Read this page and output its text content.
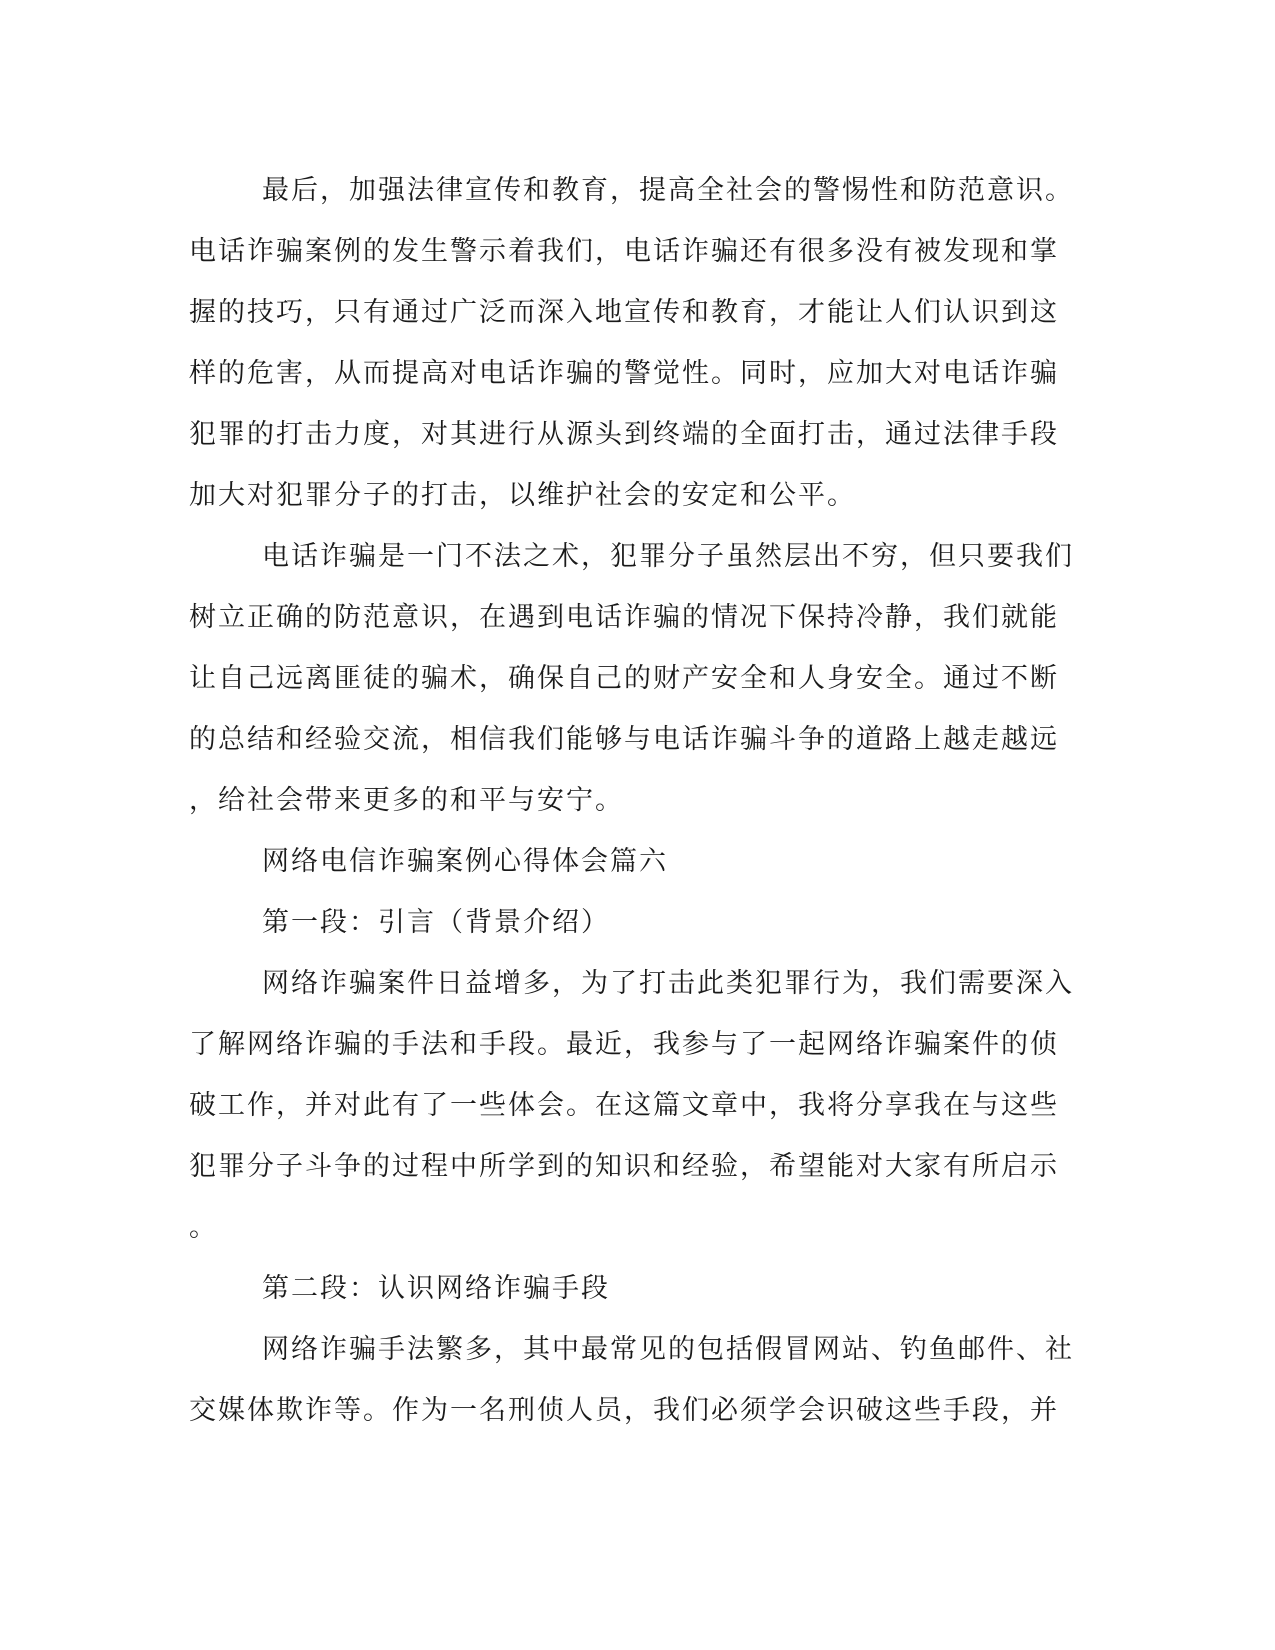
最后，加强法律宣传和教育，提高全社会的警惕性和防范意识。
电话诈骗案例的发生警示着我们，电话诈骗还有很多没有被发现和掌
握的技巧，只有通过广泛而深入地宣传和教育，才能让人们认识到这
样的危害，从而提高对电话诈骗的警觉性。同时，应加大对电话诈骗
犯罪的打击力度，对其进行从源头到终端的全面打击，通过法律手段
加大对犯罪分子的打击，以维护社会的安定和公平。
电话诈骗是一门不法之术，犯罪分子虽然层出不穷，但只要我们
树立正确的防范意识，在遇到电话诈骗的情况下保持冷静，我们就能
让自己远离匪徒的骗术，确保自己的财产安全和人身安全。通过不断
的总结和经验交流，相信我们能够与电话诈骗斗争的道路上越走越远
，给社会带来更多的和平与安宁。
网络电信诈骗案例心得体会篇六
第一段：引言（背景介绍）
网络诈骗案件日益增多，为了打击此类犯罪行为，我们需要深入
了解网络诈骗的手法和手段。最近，我参与了一起网络诈骗案件的侦
破工作，并对此有了一些体会。在这篇文章中，我将分享我在与这些
犯罪分子斗争的过程中所学到的知识和经验，希望能对大家有所启示
。
第二段：认识网络诈骗手段
网络诈骗手法繁多，其中最常见的包括假冒网站、钓鱼邮件、社
交媒体欺诈等。作为一名刑侦人员，我们必须学会识破这些手段，并
